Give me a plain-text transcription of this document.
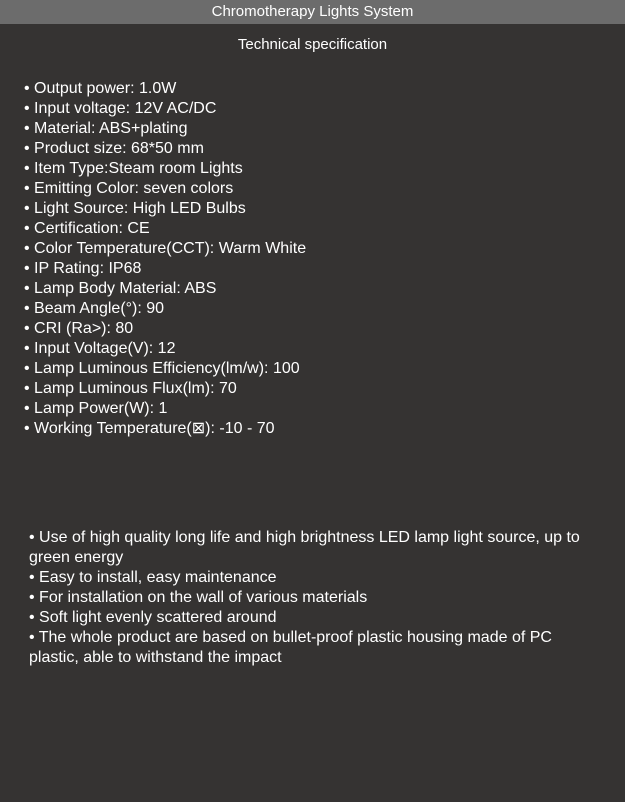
Chromotherapy Lights System
Technical specification
• Output power: 1.0W
• Input voltage: 12V AC/DC
• Material: ABS+plating
• Product size: 68*50 mm
• Item Type:Steam room Lights
• Emitting Color: seven colors
• Light Source: High LED Bulbs
• Certification: CE
• Color Temperature(CCT): Warm White
• IP Rating: IP68
• Lamp Body Material: ABS
• Beam Angle(°): 90
• CRI (Ra>): 80
• Input Voltage(V): 12
• Lamp Luminous Efficiency(lm/w): 100
• Lamp Luminous Flux(lm): 70
• Lamp Power(W): 1
• Working Temperature(⊠): -10 - 70
• Use of high quality long life and high brightness LED lamp light source, up to green energy
• Easy to install, easy maintenance
• For installation on the wall of various materials
• Soft light evenly scattered around
• The whole product are based on bullet-proof plastic housing made of PC plastic, able to withstand the impact
